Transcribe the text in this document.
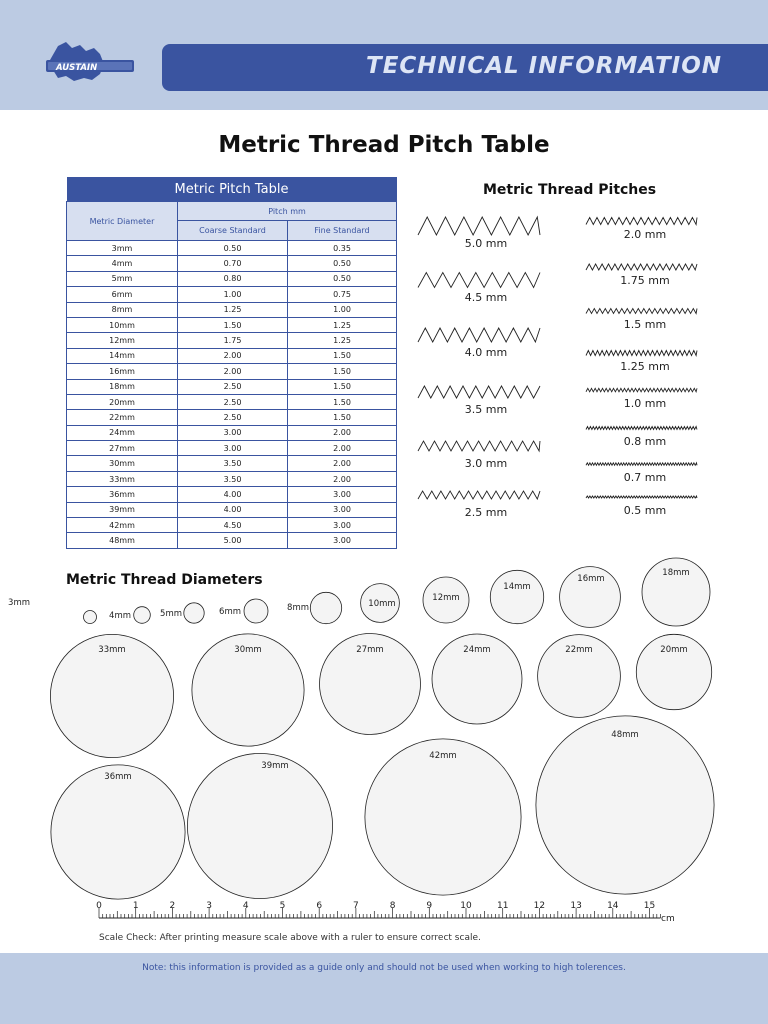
AUSTAIN	TECHNICAL INFORMATION
Metric Thread Pitch Table
Metric Pitch Table		
Metric Diameter	Pitch mm	
	Coarse Standard	Fine Standard
3mm	0.50	0.35
4mm	0.70	0.50
5mm	0.80	0.50
6mm	1.00	0.75
8mm	1.25	1.00
10mm	1.50	1.25
12mm	1.75	1.25
14mm	2.00	1.50
16mm	2.00	1.50
18mm	2.50	1.50
20mm	2.50	1.50
22mm	2.50	1.50
24mm	3.00	2.00
27mm	3.00	2.00
30mm	3.50	2.00
33mm	3.50	2.00
36mm	4.00	3.00
39mm	4.00	3.00
42mm	4.50	3.00
48mm	5.00	3.00
Metric Thread Pitches
Metric Thread Diameters
5.0 mm
4.5 mm
4.0 mm
3.5 mm
3.0 mm
2.5 mm
2.0 mm
1.75 mm
1.5 mm
1.25 mm
1.0 mm
0.8 mm
0.7 mm
0.5 mm
3mm
4mm	5mm	6mm	8mm	10mm
12mm
14mm
16mm
18mm
20mm
22mm
24mm
27mm
30mm
33mm
36mm
39mm
42mm
48mm
0	1	2	3	4	5	6	7	8	9	10	11	12	13	14	15
cm

Scale Check: After printing measure scale above with a ruler to ensure correct scale.

Note: this information is provided as a guide only and should not be used when working to high tolerences.
